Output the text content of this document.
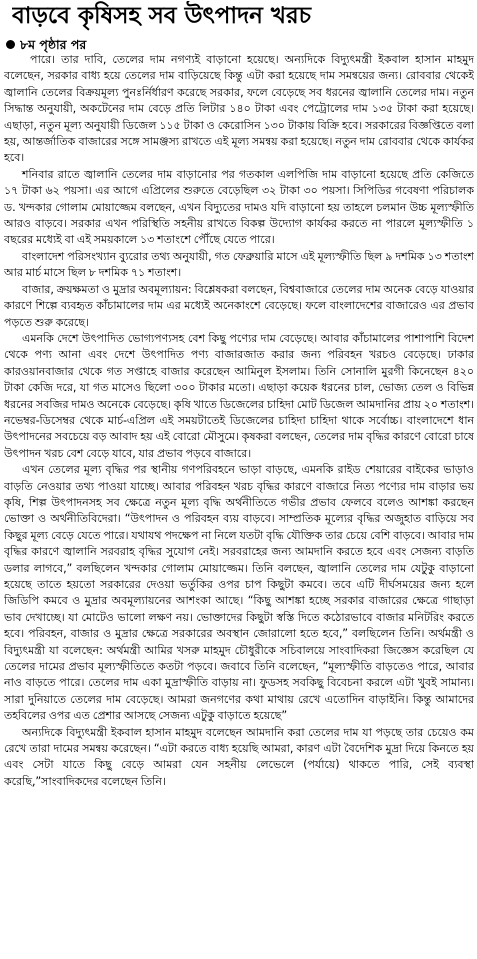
বাড়বে কৃষিসহ সব উৎপাদন খরচ
৮ম পৃষ্ঠার পর

পারে। তার দাবি, তেলের দাম নগণ্যই বাড়ানো হয়েছে। অন্যদিকে বিদ্যুৎমন্ত্রী ইকবাল হাসান মাহমুদ বলেছেন, সরকার বাধ্য হয়ে তেলের দাম বাড়িয়েছে কিন্তু এটা করা হয়েছে দাম সমন্বয়ের জন্য। রোববার থেকেই জ্বালানি তেলের বিক্রয়মূল্য পুনঃর্নির্ধারণ করেছে সরকার, ফলে বেড়েছে সব ধরনের জ্বালানি তেলের দাম। নতুন সিদ্ধান্ত অনুযায়ী, অকটেনের দাম বেড়ে প্রতি লিটার ১৪০ টাকা এবং পেট্রোলের দাম ১৩৫ টাকা করা হয়েছে। এছাড়া, নতুন মূল্য অনুযায়ী ডিজেল ১১৫ টাকা ও কেরোসিন ১৩০ টাকায় বিক্রি হবে। সরকারের বিজ্ঞপ্তিতে বলা হয়, আন্তর্জাতিক বাজারের সঙ্গে সামঞ্জস্য রাখতে এই মূল্য সমন্বয় করা হয়েছে। নতুন দাম রোববার থেকে কার্যকর হবে।

শনিবার রাতে জ্বালানি তেলের দাম বাড়ানোর পর গতকাল এলপিজি দাম বাড়ানো হয়েছে প্রতি কেজিতে ১৭ টাকা ৬২ পয়সা। এর আগে এপ্রিলের শুরুতে বেড়েছিল ৩২ টাকা ৩০ পয়সা। সিপিডির গবেষণা পরিচালক ড. খন্দকার গোলাম মোয়াজ্জেম বলছেন, এখন বিদ্যুতের দামও যদি বাড়ানো হয় তাহলে চলমান উচ্চ মূল্যস্ফীতি আরও বাড়বে। সরকার এখন পরিস্থিতি সহনীয় রাখতে বিকল্প উদ্যোগ কার্যকর করতে না পারলে মূল্যস্ফীতি ১ বছরের মধ্যেই বা এই সময়কালে ১৩ শতাংশে পৌঁছে যেতে পারে।

বাংলাদেশ পরিসংখ্যান ব্যুরোর তথ্য অনুযায়ী, গত ফেব্রুয়ারি মাসে এই মূল্যস্ফীতি ছিল ৯ দশমিক ১৩ শতাংশ আর মার্চ মাসে ছিল ৮ দশমিক ৭১ শতাংশ।

বাজার, ক্রয়ক্ষমতা ও মুদ্রার অবমূল্যায়ন: বিশ্লেষকরা বলছেন, বিশ্ববাজারে তেলের দাম অনেক বেড়ে যাওয়ার কারণে শিল্পে ব্যবহৃত কাঁচামালের দাম এর মধ্যেই অনেকাংশে বেড়েছে। ফলে বাংলাদেশের বাজারেও এর প্রভাব পড়তে শুরু করেছে।

এমনকি দেশে উৎপাদিত ভোগ্যপণ্যসহ বেশ কিছু পণ্যের দাম বেড়েছে। আবার কাঁচামালের পাশাপাশি বিদেশ থেকে পণ্য আনা এবং দেশে উৎপাদিত পণ্য বাজারজাত করার জন্য পরিবহন খরচও বেড়েছে। ঢাকার কারওয়ানবাজার থেকে গত সপ্তাহে বাজার করেছেন আমিনুল ইসলাম। তিনি সোনালি মুরগী কিনেছেন ৪২০ টাকা কেজি দরে, যা গত মাসেও ছিলো ৩০০ টাকার মতো। এছাড়া কয়েক ধরনের চাল, ভোজ্য তেল ও বিভিন্ন ধরনের সবজির দামও অনেকে বেড়েছে। কৃষি খাতে ডিজেলের চাহিদা মোট ডিজেল আমদানির প্রায় ২০ শতাংশ। নভেম্বর-ডিসেম্বর থেকে মার্চ-এপ্রিল এই সময়টাতেই ডিজেলের চাহিদা চাহিদা থাকে সর্বোচ্চ। বাংলাদেশে ধান উৎপাদনের সবচেয়ে বড় আবাদ হয় এই বোরো মৌসুমে। কৃষকরা বলছেন, তেলের দাম বৃদ্ধির কারণে বোরো চাষে উৎপাদন খরচ বেশ বেড়ে যাবে, যার প্রভাব পড়বে বাজারে।

এখন তেলের মূল্য বৃদ্ধির পর স্থানীয় গণপরিবহনে ভাড়া বাড়ছে, এমনকি রাইড শেয়ারের বাইকের ভাড়াও বাড়তি নেওয়ার তথ্য পাওয়া যাচ্ছে। আবার পরিবহন খরচ বৃদ্ধির কারণে বাজারে নিত্য পণ্যের দাম বাড়ার ভয় কৃষি, শিল্প উৎপাদনসহ সব ক্ষেত্রে নতুন মূল্য বৃদ্ধি অর্থনীতিতে গভীর প্রভাব ফেলবে বলেও আশঙ্কা করছেন ভোক্তা ও অর্থনীতিবিদেরা। “উৎপাদন ও পরিবহন ব্যয় বাড়বে। সাম্প্রতিক মূল্যের বৃদ্ধির অজুহাত বাড়িয়ে সব কিছুর মূল্য বেড়ে যেতে পারে। যথাযথ পদক্ষেপ না নিলে যতটা বৃদ্ধি যৌক্তিক তার চেয়ে বেশি বাড়বে। আবার দাম বৃদ্ধির কারণে জ্বালানি সরবরাহ বৃদ্ধির সুযোগ নেই। সরবরাহের জন্য আমদানি করতে হবে এবং সেজন্য বাড়তি ডলার লাগবে,” বলছিলেন খন্দকার গোলাম মোয়াজ্জেম। তিনি বলছেন, জ্বালানি তেলের দাম যেটুকু বাড়ানো হয়েছে তাতে হয়তো সরকারের দেওয়া ভর্তুকির ওপর চাপ কিছুটা কমবে। তবে এটি দীর্ঘসময়ের জন্য হলে জিডিপি কমবে ও মুদ্রার অবমূল্যায়নের আশংকা আছে। “কিছু আশঙ্কা হচ্ছে সরকার বাজারের ক্ষেত্রে গাছাড়া ভাব দেখাচ্ছে। যা মোটেও ভালো লক্ষণ নয়। ভোক্তাদের কিছুটা স্বস্তি দিতে কঠোরভাবে বাজার মনিটরিং করতে হবে। পরিবহন, বাজার ও মুদ্রার ক্ষেত্রে সরকারের অবস্থান জোরালো হতে হবে,” বলছিলেন তিনি। অর্থমন্ত্রী ও বিদ্যুৎমন্ত্রী যা বলেছেন: অর্থমন্ত্রী আমির খসরু মাহমুদ চৌধুরীকে সচিবালয়ে সাংবাদিকরা জিজ্ঞেস করেছিল যে তেলের দামের প্রভাব মূল্যস্ফীতিতে কতটা পড়বে। জবাবে তিনি বলেছেন, “মূল্যস্ফীতি বাড়তেও পারে, আবার নাও বাড়তে পারে। তেলের দাম একা মুদ্রাস্ফীতি বাড়ায় না। ফুডসহ সবকিছু বিবেচনা করলে এটা খুবই সামান্য। সারা দুনিয়াতে তেলের দাম বেড়েছে। আমরা জনগণের কথা মাথায় রেখে এতোদিন বাড়াইনি। কিন্তু আমাদের তহবিলের ওপর এত প্রেশার আসছে সেজন্য এটুকু বাড়াতে হয়েছে”

অন্যদিকে বিদ্যুৎমন্ত্রী ইকবাল হাসান মাহমুদ বলেছেন আমদানি করা তেলের দাম যা পড়ছে তার চেয়েও কম রেখে তারা দামের সমন্বয় করেছেন। “এটা করতে বাধ্য হয়েছি আমরা, কারণ এটা বৈদেশিক মুদ্রা দিয়ে কিনতে হয় এবং সেটা যাতে কিছু বেড়ে আমরা যেন সহনীয় লেভেলে (পর্যায়ে) থাকতে পারি, সেই ব্যবস্থা করেছি,”সাংবাদিকদের বলেছেন তিনি।
